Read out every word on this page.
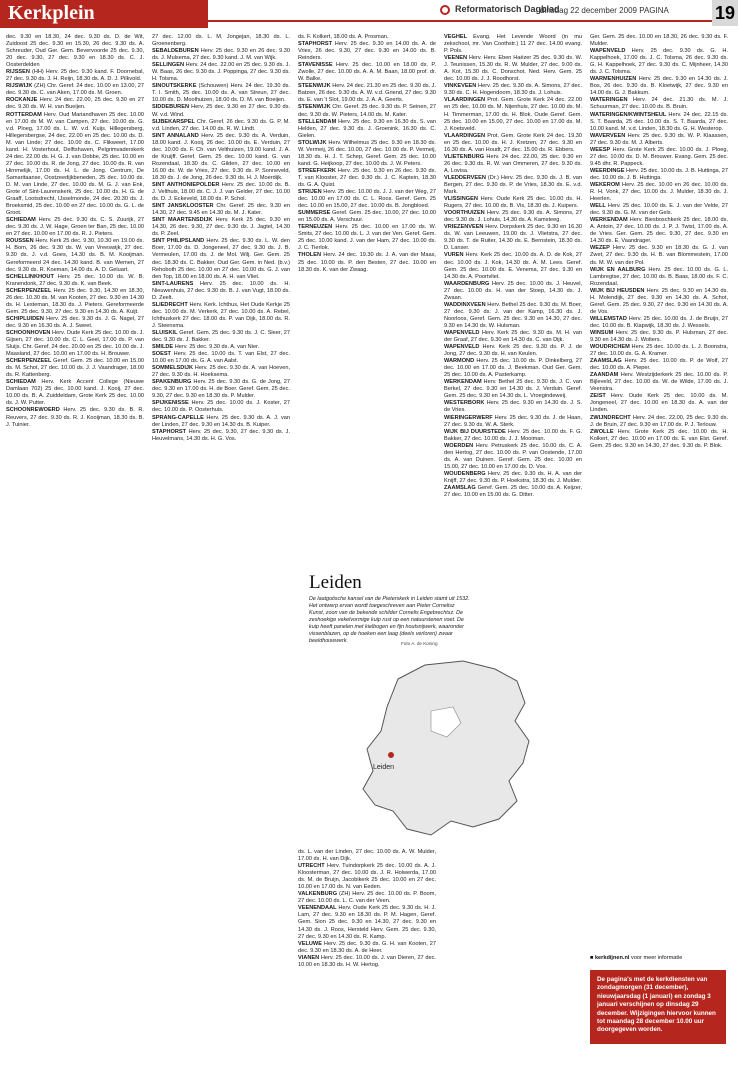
Kerkplein	Reformatorisch Dagblad
dinsdag 22 december 2009 PAGINA	19

dec. 9.30 en 18.30, 24 dec. 9.30 ds. D. de Wit, Zuidoost 25 dec. 9.30 en 15.30, 26 dec. 9.30 ds. A. Schreuder, Oud Ger. Gem. Bevervoorde 25 dec. 9.30, 20 dec. 9.30, 27 dec. 9.30 en 18.30 ds. C. J. Oosterdelden

RIJSSEN (HH) Herv. 25 dec. 9.30 kand. F. Doornebal, 27 dec. 9.30 ds. J. H. Reijn, 18.30 ds. A. D. J. Pilkvold.

RIJSWIJK (ZH) Chr. Geref. 24 dec. 10.00 en 13.00, 27 dec. 9.30 ds. C. van Aken, 17.00 ds. M. Groen.

ROCKANJE Herv. 24 dec. 22.00, 25 dec. 9.30 en 27 dec. 9.30 ds. W. H. van Bueijen.

ROTTERDAM Herv. Oud Mariandhaven 25 dec. 10.00 en 17.00 ds M. W. van Campen, 27 dec. 10.00 ds. G. v.d. Ploeg, 17.00 ds. L. W. v.d. Kuijs. Hillegersberg, Hillegersbergse, 24 dec. 22.00 en 25 dec. 10.00 ds. D. M. van Linde; 27 dec. 10.00 ds. C. Flikweert, 17.00 kand. H. Vosterhout, Delftshaven, Pelgrimvaderskerk 24 dec. 22.00 ds. H. G. J. van Dobbe, 25 dec. 10.00 en 27 dec. 10.00 ds. R. de Jong, 27 dec. 10.00 ds. R. van Hirnmelijk, 17.00 ds. H. L. de Jong. Centrum, De Samaritaanse, Oostzeedijkbeneden, 25 dec. 10.00 ds. D. M. van Linde, 27 dec. 10.00 ds. M. G. J. van Enk, Grote of Sint-Laurenskerk, 25 dec. 10.00 ds. H. G. de Graaff, Lootsdrecht, IJsselmonde, 24 dec. 20.30 ds. J. Broeksmid, 25 dec. 10.00 en 27 dec. 10.00 ds. G. L. de Groot.

SCHIEDAM Herv. 25 dec. 9.30 ds. C. S. Zuurijk, 27 dec. 9.30 ds. J. W. Hage, Groen ter Ban, 25 dec. 10.00 en 27 dec. 10.00 en 17.00 ds. R. J. Pieters.

ROUSSEN Herv. Kerk 25 dec. 9.30, 10.30 en 19.00 ds. H. Born, 26 dec. 9.30 ds. W. van Vreeswijk, 27 dec. 9.30 ds. J. v.d. Goes, 14.30 ds. B. M. Kooijman. Gereformeerd 24 dec. 14.30 kand. B. van Wemen, 27 dec. 9.30 ds. R. Koeman, 14.00 ds. A. D. Geluart.

SCHELLINKHOUT Herv. 25 dec. 10.00 ds. W. B. Kranendonk, 27 dec. 9.30 ds. K. van Beek.

SCHERPENZEEL Herv. 25 dec. 9.30, 14.30 en 18.30, 26 dec. 10.30 ds. M. van Kooten, 27 dec. 9.30 en 14.30 ds. H. Lesteman, 18.30 ds. J. Pieters. Gereformeerde Gem. 25 dec. 9.30, 27 dec. 9.30 en 14.30 ds. A. Kuijt.

SCHIPLUIDEN Herv. 25 dec. 9.30 ds. J. G. Nagel, 27 dec. 9.30 en 16.30 ds. A. J. Sweet.

SCHOONHOVEN Herv. Oude Kerk 25 dec. 10.00 ds. J. Gijsen, 27 dec. 10.00 ds. C. L. Geel, 17.00 ds. P. van Sluijs. Chr. Geref. 24 dec. 20.00 en 25 dec. 10.00 ds. J. Maasland, 27 dec. 10.00 en 17.00 ds. H. Brouwer.

SCHERPENZEEL Geref. Gem. 25 dec. 10.00 en 15.00 ds. M. Schot, 27 dec. 10.00 ds. J. J. Vaandrager, 18.00 ds. R. Kattenberg.

SCHIEDAM Herv. Kerk Accent College (Nieuwe Damlaan 702) 25 dec. 10.00 kand. J. Kooij, 27 dec. 10.00 ds. B. A. Zuiddeldam, Grote Kerk 25 dec. 10.00 ds. J. W. Putter.

SCHOONREWOERD Herv. 25 dec. 9.30 ds. B. R. Reuvers, 27 dec. 9.30 ds. R. J. Kooijman, 18.30 ds. B. J. Tuinier.

27 dec. 12.00 ds. L. M. Jongejan, 18.30 ds. L. Groenenberg.

SEBALDEBUREN Herv. 25 dec. 9.30 en 26 dec. 9.30 ds. J. Mulsema, 27 dec. 9.30 kand. J. M. van Wijk.

SELLINGEN Herv. 24 dec. 22.00 en 25 dec. 9.30 ds. J. W. Baas, 26 dec. 9.30 ds. J. Poppinga, 27 dec. 9.30 ds. H. Tolsma.

SINOUTSKERKE (Schouwen) Herv. 24 dec. 19.30 ds. T. I. Smith, 25 dec. 10.00 ds. A. van Streun, 27 dec. 10.00 ds. D. Moolhuizen, 18.00 ds. D. M. van Boeijen.

SIDDEBUREN Herv. 25 dec. 9.30 en 27 dec. 9.30 ds. W. v.d. Wind.

SIJBEKARSPEL Chr. Geref. 26 dec. 9.30 ds. G. P. M. v.d. Linden, 27 dec. 14.00 ds. R. W. Lindt.

SINT ANNALAND Herv. 25 dec. 9.30 ds. A. Verduin, 18.00 kand. J. Kooij, 26 dec. 10.00 ds. E. Verduin, 27 dec. 10.00 ds. F. Ch. van Velthuizen, 19.00 kand. J. A. de Kruijff. Geref. Gem. 25 dec. 10.00 kand. G. van Rozendaal, 18.30 ds. C. Gilden, 27 dec. 10.00 en 16.00 ds. W. de Vries, 27 dec. 9.30 ds. P. Sonneveld, 18.30 ds. J. de Jong, 26 dec. 9.30 ds. H. J. Moerdijk.

SINT ANTHONIEPOLDER Herv. 25 dec. 10.00 ds. B. J. Velthuis, 18.00 ds. C. J. J. van Gelder, 27 dec. 10.00 ds. D. J. Eckeveld, 18.00 ds. P. Schol.

SINT JANSKLOOSTER Chr. Geref. 25 dec. 9.30 en 14.30, 27 dec. 9.45 en 14.30 ds. M. J. Kater.

SINT MAARTENSDIJK Herv. Kerk 25 dec. 9.30 en 14.30, 26 dec. 9.30, 27 dec. 9.30 ds. J. Jagtel, 14.30 ds. P. Zeel.

SINT PHILIPSLAND Herv. 25 dec. 9.30 ds. L. W. den Boer, 17.00 ds. D. Jongeneel, 27 dec. 9.30 ds. J. B. Vermeulen, 17.00 ds. J. de Mol. Wilj. Ger. Gem. 25 dec. 18.30 ds. C. Bakker. Oud Ger. Gem. in Ned. (b.v.) Rehoboth 25 dec. 10.00 en 27 dec. 10.00 ds. G. J. van den Top, 18.00 en 18.00 ds. A. H. van Vliet.

SINT-LAURENS Herv. 25 dec. 10.00 ds. H. Nieuwenhuis, 27 dec. 9.30 ds. B. J. van Vugt, 18.00 ds. D. Zeelt.

SLIEDRECHT Herv. Kerk. Ichthus, Het Oude Kerkje 25 dec. 10.00 ds. M. Verkerk, 27 dec. 10.00 ds. A. Rebel, Ichthuskerk 27 dec. 18.00 ds. P. van Dijk, 18.00 ds. R. J. Steensma.

SLUISKIL Geref. Gem. 25 dec. 9.30 ds. J. C. Sleer, 27 dec. 9.30 ds. J. Bakker.

SMILDE Herv. 25 dec. 9.30 ds. A. van Nier.

SOEST Herv. 25 dec. 10.00 ds. T. van Elst, 27 dec. 10.00 en 17.00 ds. G. A. van Aalst.

SOMMELSDIJK Herv. 25 dec. 9.30 ds. A. van Hoeven, 27 dec. 9.30 ds. H. Hoeksema.

SPAKENBURG Herv. 25 dec. 9.30 ds. G. de Jong, 27 dec. 9.30 en 17.00 ds. H. de Boer. Geref. Gem. 25 dec. 9.30, 27 dec. 9.30 en 18.30 ds. P. Mulder.

SPIJKENISSE Herv. 25 dec. 10.00 ds. J. Koster, 27 dec. 10.00 ds. P. Oosterhuis.

SPRANG-CAPELLE Herv. 25 dec. 9.30 ds. A. J. van der Linden, 27 dec. 9.30 en 14.30 ds. B. Kuiper.

STAPHORST Herv. 25 dec. 9.30, 27 dec. 9.30 ds. J. Heuvelmans, 14.30 ds. H. G. Vos.

ds. F. Kolkert, 18.00 ds. A. Prosman.

STAPHORST Herv. 25 dec. 9.30 en 14.00 ds. A. de Vries, 26 dec. 9.30, 27 dec. 9.30 en 14.00 ds. B. Reinders.

STAVENISSE Herv. 25 dec. 10.00 en 18.00 ds. P. Zwolle, 27 dec. 10.00 ds. A. A. M. Baan, 18.00 prof. dr. W. Balke.

STEENWIJK Herv. 24 dec. 21.30 en 25 dec. 9.30 ds. J. Batzen, 26 dec. 9.30 ds. A. W. v.d. Griend, 27 dec. 9.30 ds. E. van 't Slot, 19.00 ds. J. A. A. Geerts.

STEENWIJK Chr. Geref. 25 dec. 9.30 ds. P. Seinen, 27 dec. 9.30 ds. W. Pieters, 14.00 ds. M. Kater.

STELLENDAM Herv. 25 dec. 9.30 en 16.30 ds. S. van Helden, 27 dec. 9.30 ds. J. Groenink, 16.30 ds. C. Gielen.

STOLWIJK Herv. Wilhelmus 25 dec. 9.30 en 18.30 ds. W. Vermeij, 26 dec. 10.00, 27 dec. 10.00 ds. P. Vermeij, 18.30 ds. H. J. T. Schep, Geref. Gem. 25 dec. 10.00 kand. G. Heijkoop, 27 dec. 10.00 ds. J. W. Peters.

STREEFKERK Herv. 25 dec. 9.30 en 26 dec. 9.30 ds. T. van Klooster, 27 dec. 9.30 ds. J. C. Kaptein, 18.30 ds. G. A. Quist.

STRIJEN Herv. 25 dec. 10.00 ds. J. J. van der Weg, 27 dec. 10.00 en 17.00 ds. C. L. Roos. Geref. Gem. 25 dec. 10.00 en 15.00, 27 dec. 10.00 ds. B. Jongbloed.

SUMMERSE Geref. Gem. 25 dec. 10.00, 27 dec. 10.00 en 15.00 ds. A. Verschuur.

TERNEUZEN Herv. 25 dec. 10.00 en 17.00 ds. W. Smits, 27 dec. 10.00 ds. L. J. van der Ven. Geref. Gem. 25 dec. 10.00 kand. J. van der Ham, 27 dec. 10.00 ds. J. C. Tierlok.

THOLEN Herv. 24 dec. 19.30 ds. J. A. van der Maas, 25 dec. 10.00 ds. P. den Besten, 27 dec. 10.00 en 18.30 ds. K. van der Zwaag.

VEGHEL Evang. Het Levende Woord (in mu zekschool, mr. Van Coothstr.) 11 27 dec. 14.00 evang. P. Pols.

VEENEN Herv. Herv. Eben Haëzer 25 dec. 9.30 ds. W. J. Teunissen, 15.30 ds. R. W. Mulder, 27 dec. 9.00 ds. A. Kot, 15.30 ds. C. Donschot. Ned. Herv. Gem. 25 dec. 10.00 ds. J. J. Roodhorst.

VINKEVEEN Herv. 25 dec. 9.30 ds. A. Simons, 27 dec. 9.30 ds. C. H. Hogendoorn, 18.30 ds. J. Lohuis.

VLAARDINGEN Prot. Gem. Grote Kerk 24 dec. 22.00 en 25 dec. 10.00 ds. M. Nijenhuis, 27 dec. 10.00 ds. M. H. Timmerman, 17.00 ds. H. Blok. Oude Geref. Gem. 25 dec. 10.00 en 15.00, 27 dec. 10.00 en 17.00 ds. M. J. Koetsveld.

VLAARDINGEN Prot. Gem. Grote Kerk 24 dec. 19.30 en 25 dec. 10.00 ds. H. J. Kretzen, 27 dec. 9.30 en 16.30 ds. A. van Houdt, 27 dec. 15.00 ds. R. Ebbers.

VLIETENBURG Herv. 24 dec. 22.00, 25 dec. 9.30 en 26 dec. 9.30 ds. R. W. van Ommeren, 27 dec. 9.30 ds. A. Lovisa.

VLEDDERVEEN (Dr.) Herv. 25 dec. 9.30 ds. J. B. van Bergen, 27 dec. 9.30 ds. P. de Vries, 18.30 ds. E. v.d. Mark.

VLISSINGEN Herv. Oude Kerk 25 dec. 10.00 ds. H. Rugers, 27 dec. 10.00 ds. B. Vis, 18.30 ds. J. Kuipers.

VOORTHUIZEN Herv. 25 dec. 9.30 ds. A. Simons, 27 dec. 9.30 ds. J. Lohuis, 14.30 ds. A. Kamsteeg.

VRIEZENVEEN Herv. Dorpskerk 25 dec. 9.30 en 16.30 ds. W. van Leeuwen, 19.00 ds. J. Vlietstra, 27 dec. 9.30 ds. T. de Ruiter, 14.30 ds. E. Bernstein, 18.30 ds. D. Lanser.

VUREN Herv. Kerk 25 dec. 10.00 ds. A. D. de Kok, 27 dec. 10.00 ds. J. Kok, 14.30 ds. A. M. Lees. Geref. Gem. 25 dec. 10.00 ds. E. Venema, 27 dec. 9.30 en 14.30 ds. A. Poortvliet.

WAARDENBURG Herv. 25 dec. 10.00 ds. J. Heuvel, 27 dec. 10.00 ds. H. van der Stoep, 14.30 ds. J. Zwaan.

WADDINXVEEN Herv. Bethel 25 dec. 9.30 ds. M. Boer, 27 dec. 9.30 ds. J. van der Kamp, 16.30 ds. J. Noorloos, Geref. Gem. 25 dec. 9.30 en 14.30, 27 dec. 9.30 en 14.30 ds. W. Hulsman.

WAPENVELD Herv. Kerk 25 dec. 9.30 ds. M. H. van der Graaf, 27 dec. 9.30 en 14.30 ds. C. van Dijk.

WAPENVELD Herv. Kerk 25 dec. 9.30 ds. P. J. de Jong, 27 dec. 9.30 ds. H. van Keulen.

WARMOND Herv. 25 dec. 10.00 ds. P. Dinkelberg, 27 dec. 10.00 en 17.00 ds. J. Beekman. Oud Ger. Gem. 25 dec. 10.00 ds. A. Pasterkamp.

WERKENDAM Herv. Bethel 25 dec. 9.30 ds. J. C. van Berkel, 27 dec. 9.30 en 14.30 ds. J. Verduin. Geref. Gem. 25 dec. 9.30 en 14.30 ds. L. Vroegindeweij.

WESTERBORK Herv. 25 dec. 9.30 en 14.30 ds. J. S. de Vries.

WIERINGERWERF Herv. 25 dec. 9.30 ds. J. de Haan, 27 dec. 9.30 ds. W. A. Sterk.

WIJK BIJ DUURSTEDE Herv. 25 dec. 10.00 ds. F. G. Bakker, 27 dec. 10.00 ds. J. J. Mooiman.

WOERDEN Herv. Petruskerk 25 dec. 10.00 ds. C. A. den Hertog, 27 dec. 10.00 ds. P. van Oostende, 17.00 ds. A. van Duinen. Geref. Gem. 25 dec. 10.00 en 15.00, 27 dec. 10.00 en 17.00 ds. D. Vos.

WOUDENBERG Herv. 25 dec. 9.30 ds. H. A. van der Knijff, 27 dec. 9.30 ds. P. Hoekstra, 18.30 ds. J. Mulder.

ZAAMSLAG Geref. Gem. 25 dec. 10.00 ds. A. Keijzer, 27 dec. 10.00 en 15.00 ds. G. Ditter.

Ger. Gem. 25 dec. 10.00 en 18.30, 26 dec. 9.30 ds. F. Mulder.

WAPENVELD Herv. 25 dec. 9.30 ds. G. H. Kappelhoek, 17.00 ds. J. C. Tolsma, 26 dec. 9.30 ds. G. H. Kappelhoek, 27 dec. 9.30 ds. C. Mijnheer, 14.30 ds. J. C. Tolsma.

WARMENHUIZEN Herv. 25 dec. 9.30 en 14.30 ds. J. Bos, 26 dec. 9.30 ds. B. Kloetwijk, 27 dec. 9.30 en 14.00 ds. G. J. Bakkum.

WATERINGEN Herv. 24 dec. 21.30 ds. M. J. Schuurman, 27 dec. 10.00 ds. B. Bruin.

WATERINGEN/KWINTSHEUL Herv. 24 dec. 22.15 ds. S. T. Baarda, 25 dec. 10.00 ds. S. T. Baarda, 27 dec. 10.00 kand. M. v.d. Linden, 18.30 ds. G. H. Westerop.

WAVERVEEN Herv. 25 dec. 9.30 ds. W. P. Klaassen, 27 dec. 9.30 ds. M. J. Alberts.

WEESP Herv. Grote Kerk 25 dec. 10.00 ds. J. Ploeg, 27 dec. 10.00 ds. D. M. Brouwer. Evang. Gem. 25 dec. 9.45 dhr. R. Pappeck.

WEERDINGE Herv. 25 dec. 10.00 ds. J. B. Huttinga, 27 dec. 10.00 ds. J. B. Huttinga.

WEKEROM Herv. 25 dec. 10.00 en 26 dec. 10.00 ds. R. H. Vonk, 27 dec. 10.00 ds. J. Mulder, 18.30 ds. J. Heerlen.

WELL Herv. 25 dec. 10.00 ds. E. J. van der Velde, 27 dec. 9.30 ds. G. M. van der Gels.

WERKENDAM Herv. Biesboschkerk 25 dec. 18.00 ds. A. Antoin, 27 dec. 10.00 ds. J. P. J. Twist, 17.00 ds. A. de Vries. Ger. Gem. 25 dec. 9.30, 27 dec. 9.30 en 14.30 ds. E. Vaandrager.

WEZEP Herv. 25 dec. 9.30 en 18.30 ds. G. J. van Zwet, 27 dec. 9.30 ds. H. B. van Blommestein, 17.00 ds. M. W. van der Pol.

WIJK EN AALBURG Herv. 25 dec. 10.00 ds. G. L. Lambregtse, 27 dec. 10.00 ds. B. Baas, 18.00 ds. F. C. Rozendaal.

WIJK BIJ HEUSDEN Herv. 25 dec. 9.30 en 14.30 ds. H. Molendijk, 27 dec. 9.30 en 14.30 ds. A. Schot, Geref. Gem. 25 dec. 9.30, 27 dec. 9.30 en 14.30 ds. A. de Vos.

WILLEMSTAD Herv. 25 dec. 10.00 ds. J. de Bruijn, 27 dec. 10.00 ds. B. Klapwijk, 18.30 ds. J. Wessels.

WINSUM Herv. 25 dec. 9.30 ds. P. Hulsman, 27 dec. 9.30 en 14.30 ds. J. Wolters.

WOUDRICHEM Herv. 25 dec. 10.00 ds. L. J. Boonstra, 27 dec. 10.00 ds. G. A. Kramer.

ZAAMSLAG Herv. 25 dec. 10.00 ds. P. de Wolf, 27 dec. 10.00 ds. A. Pieper.

ZAANDAM Herv. Westzijderkerk 25 dec. 10.00 ds. P. Bijleveld, 27 dec. 10.00 ds. W. de Wilde, 17.00 ds. J. Veenstra.

ZEIST Herv. Oude Kerk 25 dec. 10.00 ds. M. Jongeneel, 27 dec. 10.00 en 18.30 ds. A. van der Linden.

ZWIJNDRECHT Herv. 24 dec. 22.00, 25 dec. 9.30 ds. J. de Bruin, 27 dec. 9.30 en 17.00 ds. P. J. Terlouw.

ZWOLLE Herv. Grote Kerk 25 dec. 10.00 ds. H. Kolkert, 27 dec. 10.00 en 17.00 ds. E. van Elst. Geref. Gem. 25 dec. 9.30 en 14.30, 27 dec. 9.30 ds. P. Blok.

ds. L. van der Linden, 27 dec. 10.00 ds. A. W. Mulder, 17.00 ds. H. van Dijk.

UTRECHT Herv. Tuindorpkerk 25 dec. 10.00 ds. A. J. Kloosterman, 27 dec. 10.00 ds. J. R. Holwerda, 17.00 ds. M. de Bruijn, Jacobikerk 25 dec. 10.00 en 27 dec. 10.00 en 17.00 ds. N. van Eeden.

VALKENBURG (ZH) Herv. 25 dec. 10.00 ds. P. Boom, 27 dec. 10.00 ds. L. C. van der Veen.

VEENENDAAL Herv. Oude Kerk 25 dec. 9.30 ds. H. J. Lam, 27 dec. 9.30 en 18.30 ds. P. M. Hagen, Geref. Gem. Sion 25 dec. 9.30 en 14.30, 27 dec. 9.30 en 14.30 ds. J. Roos, Hersteld Herv. Gem. 25 dec. 9.30, 27 dec. 9.30 en 14.30 ds. R. Kamp.

VELUWE Herv. 25 dec. 9.30 ds. G. H. van Kooten, 27 dec. 9.30 en 18.30 ds. A. de Heer.

VIANEN Herv. 25 dec. 10.00 ds. J. van Dieren, 27 dec. 10.00 en 18.30 ds. H. W. Hertog.

Leiden
De laatgotische kansel van de Pieterskerk in Leiden stamt uit 1532. Het ontwerp ervan wordt toegeschreven aan Pieter Cornelisz Kunst, zoon van de bekende schilder Cornelis Engebrechtsz. De zeshoekige vekelvormige kuip rust op een natuurstenen voet. De kuip heeft panelen met kielbogen en fijn houtsnijwerk, waaronder vissenblazen, op de hoeken een laag (deels verloren) zwaar beeldhouwwerk.	Foto A. de Koning
Leiden
■ kerkdijnen.nl voor meer informatie
De pagina's met de kerkdiensten van zondagmorgen (31 december), nieuwjaarsdag (1 januari) en zondag 3 januari verschijnen op dinsdag 29 december. Wijzigingen hiervoor kunnen tot maandag 28 december 10.00 uur doorgegeven worden.
